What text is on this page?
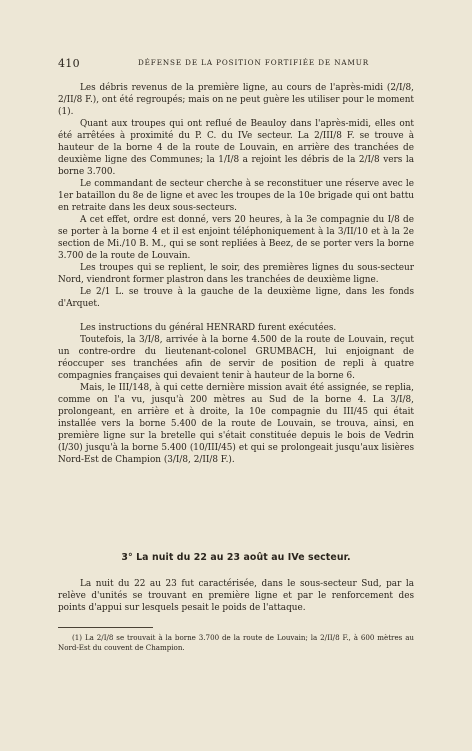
410	DÉFENSE DE LA POSITION FORTIFIÉE DE NAMUR

Les débris revenus de la première ligne, au cours de l'après-midi (2/I/8, 2/II/8 F.), ont été regroupés; mais on ne peut guère les utiliser pour le moment (1).

Quant aux troupes qui ont reflué de Beauloy dans l'après-midi, elles ont été arrêtées à proximité du P. C. du IVe secteur. La 2/III/8 F. se trouve à hauteur de la borne 4 de la route de Louvain, en arrière des tranchées de deuxième ligne des Communes; la 1/I/8 a rejoint les débris de la 2/I/8 vers la borne 3.700.

Le commandant de secteur cherche à se reconstituer une réserve avec le 1er bataillon du 8e de ligne et avec les troupes de la 10e brigade qui ont battu en retraite dans les deux sous-secteurs.

A cet effet, ordre est donné, vers 20 heures, à la 3e compagnie du I/8 de se porter à la borne 4 et il est enjoint téléphoniquement à la 3/II/10 et à la 2e section de Mi./10 B. M., qui se sont repliées à Beez, de se porter vers la borne 3.700 de la route de Louvain.

Les troupes qui se replient, le soir, des premières lignes du sous-secteur Nord, viendront former plastron dans les tranchées de deuxième ligne.

Le 2/1 L. se trouve à la gauche de la deuxième ligne, dans les fonds d'Arquet.

Les instructions du général HENRARD furent exécutées.

Toutefois, la 3/I/8, arrivée à la borne 4.500 de la route de Louvain, reçut un contre-ordre du lieutenant-colonel GRUMBACH, lui enjoignant de réoccuper ses tranchées afin de servir de position de repli à quatre compagnies françaises qui devaient tenir à hauteur de la borne 6.

Mais, le III/148, à qui cette dernière mission avait été assignée, se replia, comme on l'a vu, jusqu'à 200 mètres au Sud de la borne 4. La 3/I/8, prolongeant, en arrière et à droite, la 10e compagnie du III/45 qui était installée vers la borne 5.400 de la route de Louvain, se trouva, ainsi, en première ligne sur la bretelle qui s'était constituée depuis le bois de Vedrin (I/30) jusqu'à la borne 5.400 (10/III/45) et qui se prolongeait jusqu'aux lisières Nord-Est de Champion (3/I/8, 2/II/8 F.).

3° La nuit du 22 au 23 août au IVe secteur.

La nuit du 22 au 23 fut caractérisée, dans le sous-secteur Sud, par la relève d'unités se trouvant en première ligne et par le renforcement des points d'appui sur lesquels pesait le poids de l'attaque.

(1) La 2/I/8 se trouvait à la borne 3.700 de la route de Louvain; la 2/II/8 F., à 600 mètres au Nord-Est du couvent de Champion.
